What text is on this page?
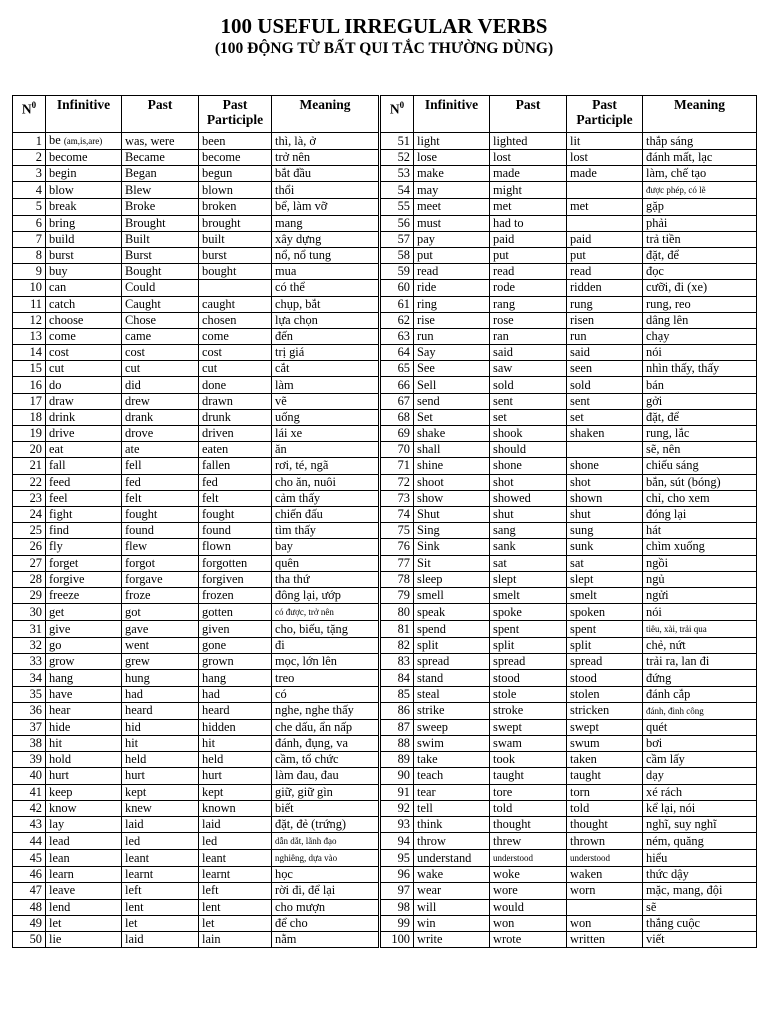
100 USEFUL IRREGULAR VERBS
(100 ĐỘNG TỪ BẤT QUI TẮC THƯỜNG DÙNG)
$N^0$	Infinitive	Past	Past
Participle	Meaning	$N^0$	Infinitive	Past	Past
Participle	Meaning
1	be (am,is,are)	was, were	been	thì, là, ở	51	light	lighted	lit	thắp sáng
2	become	Became	become	trở nên	52	lose	lost	lost	đánh mất, lạc
3	begin	Began	begun	bắt đầu	53	make	made	made	làm, chế tạo
4	blow	Blew	blown	thổi	54	may	might		được phép, có lẽ
5	break	Broke	broken	bể, làm vỡ	55	meet	met	met	gặp
6	bring	Brought	brought	mang	56	must	had to		phải
7	build	Built	built	xây dựng	57	pay	paid	paid	trả tiền
8	burst	Burst	burst	nổ, nổ tung	58	put	put	put	đặt, để
9	buy	Bought	bought	mua	59	read	read	read	đọc
10	can	Could		có thể	60	ride	rode	ridden	cưỡi, đi (xe)
11	catch	Caught	caught	chụp, bắt	61	ring	rang	rung	rung, reo
12	choose	Chose	chosen	lựa chọn	62	rise	rose	risen	dâng lên
13	come	came	come	đến	63	run	ran	run	chạy
14	cost	cost	cost	trị giá	64	Say	said	said	nói
15	cut	cut	cut	cắt	65	See	saw	seen	nhìn thấy, thấy
16	do	did	done	làm	66	Sell	sold	sold	bán
17	draw	drew	drawn	vẽ	67	send	sent	sent	gởi
18	drink	drank	drunk	uống	68	Set	set	set	đặt, để
19	drive	drove	driven	lái xe	69	shake	shook	shaken	rung, lắc
20	eat	ate	eaten	ăn	70	shall	should		sẽ, nên
21	fall	fell	fallen	rơi, té, ngã	71	shine	shone	shone	chiếu sáng
22	feed	fed	fed	cho ăn, nuôi	72	shoot	shot	shot	bắn, sút (bóng)
23	feel	felt	felt	cảm thấy	73	show	showed	shown	chỉ, cho xem
24	fight	fought	fought	chiến đấu	74	Shut	shut	shut	đóng lại
25	find	found	found	tìm thấy	75	Sing	sang	sung	hát
26	fly	flew	flown	bay	76	Sink	sank	sunk	chìm xuống
27	forget	forgot	forgotten	quên	77	Sit	sat	sat	ngồi
28	forgive	forgave	forgiven	tha thứ	78	sleep	slept	slept	ngủ
29	freeze	froze	frozen	đông lại, ướp	79	smell	smelt	smelt	ngửi
30	get	got	gotten	có được, trở nên	80	speak	spoke	spoken	nói
31	give	gave	given	cho, biếu, tặng	81	spend	spent	spent	tiêu, xài, trải qua
32	go	went	gone	đi	82	split	split	split	chẻ, nứt
33	grow	grew	grown	mọc, lớn lên	83	spread	spread	spread	trải ra, lan đi
34	hang	hung	hang	treo	84	stand	stood	stood	đứng
35	have	had	had	có	85	steal	stole	stolen	đánh cắp
36	hear	heard	heard	nghe, nghe thấy	86	strike	stroke	stricken	đánh, đình công
37	hide	hid	hidden	che dấu, ẩn nấp	87	sweep	swept	swept	quét
38	hit	hit	hit	đánh, đụng, va	88	swim	swam	swum	bơi
39	hold	held	held	cầm, tổ chức	89	take	took	taken	cầm lấy
40	hurt	hurt	hurt	làm đau, đau	90	teach	taught	taught	dạy
41	keep	kept	kept	giữ, giữ gìn	91	tear	tore	torn	xé rách
42	know	knew	known	biết	92	tell	told	told	kể lại, nói
43	lay	laid	laid	đặt, đẻ (trứng)	93	think	thought	thought	nghĩ, suy nghĩ
44	lead	led	led	dẫn dắt, lãnh đạo	94	throw	threw	thrown	ném, quăng
45	lean	leant	leant	nghiêng, dựa vào	95	understand	understood	understood	hiểu
46	learn	learnt	learnt	học	96	wake	woke	waken	thức dậy
47	leave	left	left	rời đi, để lại	97	wear	wore	worn	mặc, mang, đội
48	lend	lent	lent	cho mượn	98	will	would		sẽ
49	let	let	let	để cho	99	win	won	won	thắng cuộc
50	lie	laid	lain	nằm	100	write	wrote	written	viết
